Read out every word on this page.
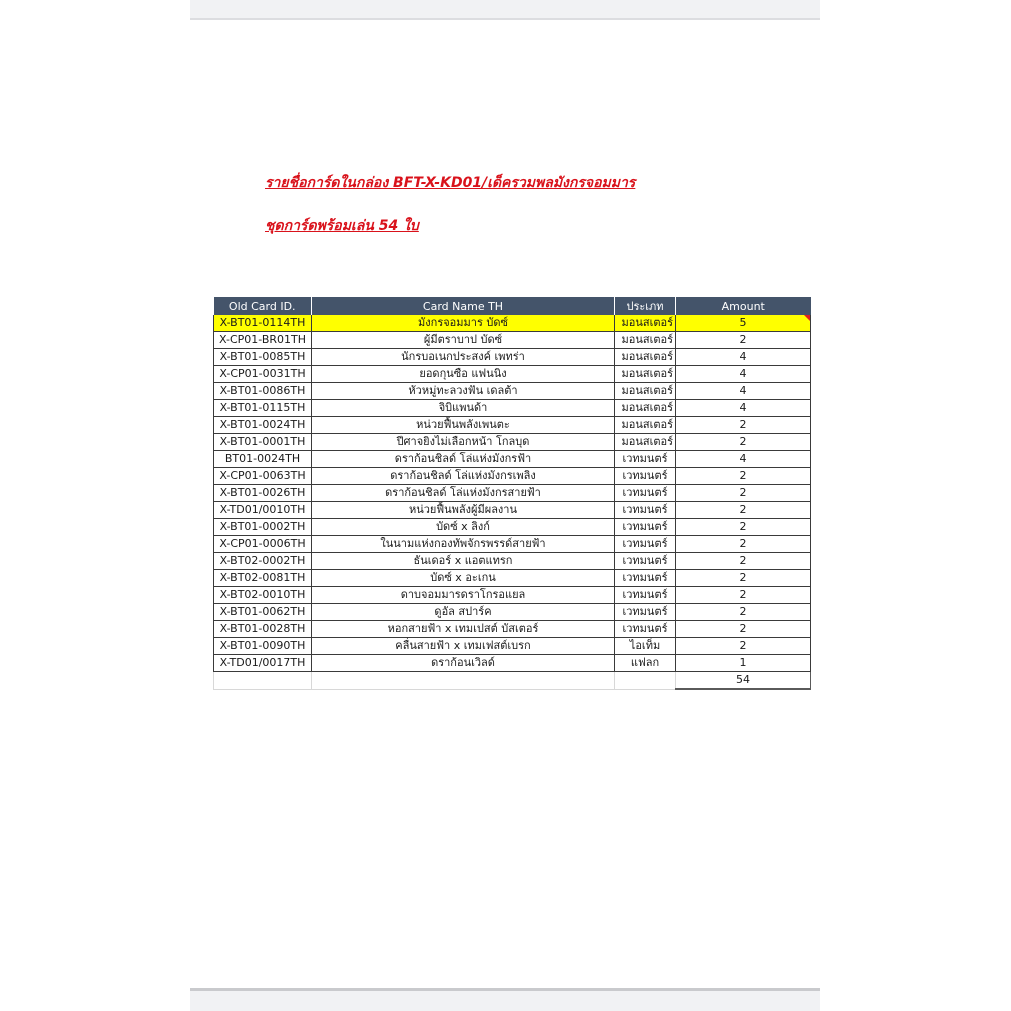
รายชื่อการ์ดในกล่อง BFT-X-KD01/เด็ครวมพลมังกรจอมมาร
ชุดการ์ดพร้อมเล่น 54 ใบ
Old Card ID.	Card Name TH	ประเภท	Amount
X-BT01-0114TH	มังกรจอมมาร บัดซ์	มอนสเตอร์	5

X-CP01-BR01TH	ผู้มีตราบาป บัดซ์	มอนสเตอร์	2
X-BT01-0085TH	นักรบอเนกประสงค์ เพทร่า	มอนสเตอร์	4
X-CP01-0031TH	ยอดกุนซือ แฟนนิง	มอนสเตอร์	4
X-BT01-0086TH	หัวหมู่ทะลวงฟัน เดลต้า	มอนสเตอร์	4
X-BT01-0115TH	จิบิแพนด้า	มอนสเตอร์	4
X-BT01-0024TH	หน่วยฟื้นพลังเพนตะ	มอนสเตอร์	2
X-BT01-0001TH	ปีศาจยิงไม่เลือกหน้า โกลบุด	มอนสเตอร์	2
BT01-0024TH	ดราก้อนชิลด์ โล่แห่งมังกรฟ้า	เวทมนตร์	4
X-CP01-0063TH	ดราก้อนชิลด์ โล่แห่งมังกรเพลิง	เวทมนตร์	2
X-BT01-0026TH	ดราก้อนชิลด์ โล่แห่งมังกรสายฟ้า	เวทมนตร์	2
X-TD01/0010TH	หน่วยฟื้นพลังผู้มีผลงาน	เวทมนตร์	2
X-BT01-0002TH	บัดซ์ x ลิงก์	เวทมนตร์	2
X-CP01-0006TH	ในนามแห่งกองทัพจักรพรรด์สายฟ้า	เวทมนตร์	2
X-BT02-0002TH	ธันเดอร์ x แอตแทรก	เวทมนตร์	2
X-BT02-0081TH	บัดซ์ x อะเกน	เวทมนตร์	2
X-BT02-0010TH	ดาบจอมมารดราโกรอแยล	เวทมนตร์	2
X-BT01-0062TH	ดูอัล สปาร์ค	เวทมนตร์	2
X-BT01-0028TH	หอกสายฟ้า x เทมเปสต์ บัสเตอร์	เวทมนตร์	2
X-BT01-0090TH	คลื่นสายฟ้า x เทมเฟสต์เบรก	ไอเท็ม	2
X-TD01/0017TH	ดราก้อนเวิลด์	แฟลก	1
			54
